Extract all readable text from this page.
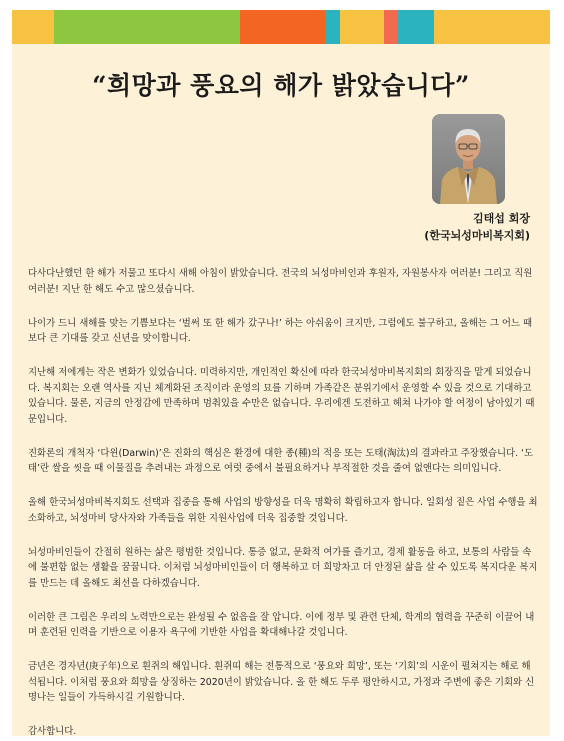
“희망과 풍요의 해가 밝았습니다”
김태섭 회장
(한국뇌성마비복지회)

다사다난했던 한 해가 저물고 또다시 새해 아침이 밝았습니다. 전국의 뇌성마비인과 후원자, 자원봉사자 여러분! 그리고 직원 여러분! 지난 한 해도 수고 많으셨습니다.

나이가 드니 새해를 맞는 기쁨보다는 ‘벌써 또 한 해가 갔구나!’ 하는 아쉬움이 크지만, 그럼에도 불구하고, 올해는 그 어느 때보다 큰 기대를 갖고 신년을 맞이합니다.

지난해 저에게는 작은 변화가 있었습니다. 미력하지만, 개인적인 확신에 따라 한국뇌성마비복지회의 회장직을 맡게 되었습니다. 복지회는 오랜 역사를 지닌 체계화된 조직이라 운영의 묘를 기하며 가족같은 분위기에서 운영할 수 있을 것으로 기대하고 있습니다. 물론, 지금의 안정감에 만족하며 멈춰있을 수만은 없습니다. 우리에겐 도전하고 헤쳐 나가야 할 여정이 남아있기 때문입니다.

진화론의 개척자 ‘다윈(Darwin)’은 진화의 핵심은 환경에 대한 종(種)의 적응 또는 도태(淘汰)의 결과라고 주장했습니다. ‘도태’란 쌀을 씻을 때 이물질을 추려내는 과정으로 여럿 중에서 불필요하거나 부적절한 것을 줄여 없앤다는 의미입니다.

올해 한국뇌성마비복지회도 선택과 집중을 통해 사업의 방향성을 더욱 명확히 확립하고자 합니다. 일회성 짙은 사업 수행을 최소화하고, 뇌성마비 당사자와 가족들을 위한 지원사업에 더욱 집중할 것입니다.

뇌성마비인들이 간절히 원하는 삶은 평범한 것입니다. 통증 없고, 문화적 여가를 즐기고, 경제 활동을 하고, 보통의 사람들 속에 불편함 없는 생활을 꿈꿉니다. 이처럼 뇌성마비인들이 더 행복하고 더 희망차고 더 안정된 삶을 살 수 있도록 복지다운 복지를 만드는 데 올해도 최선을 다하겠습니다.

이러한 큰 그림은 우리의 노력만으로는 완성될 수 없음을 잘 압니다. 이에 정부 및 관련 단체, 학계의 협력을 꾸준히 이끌어 내며 훈련된 인력을 기반으로 이용자 욕구에 기반한 사업을 확대해나갈 것입니다.

금년은 경자년(庚子年)으로 흰쥐의 해입니다. 흰쥐띠 해는 전통적으로 ‘풍요와 희망’, 또는 ‘기회’의 시운이 펼쳐지는 해로 해석됩니다. 이처럼 풍요와 희망을 상징하는 2020년이 밝았습니다. 올 한 해도 두루 평안하시고, 가정과 주변에 좋은 기회와 신명나는 일들이 가득하시길 기원합니다.

감사합니다.
